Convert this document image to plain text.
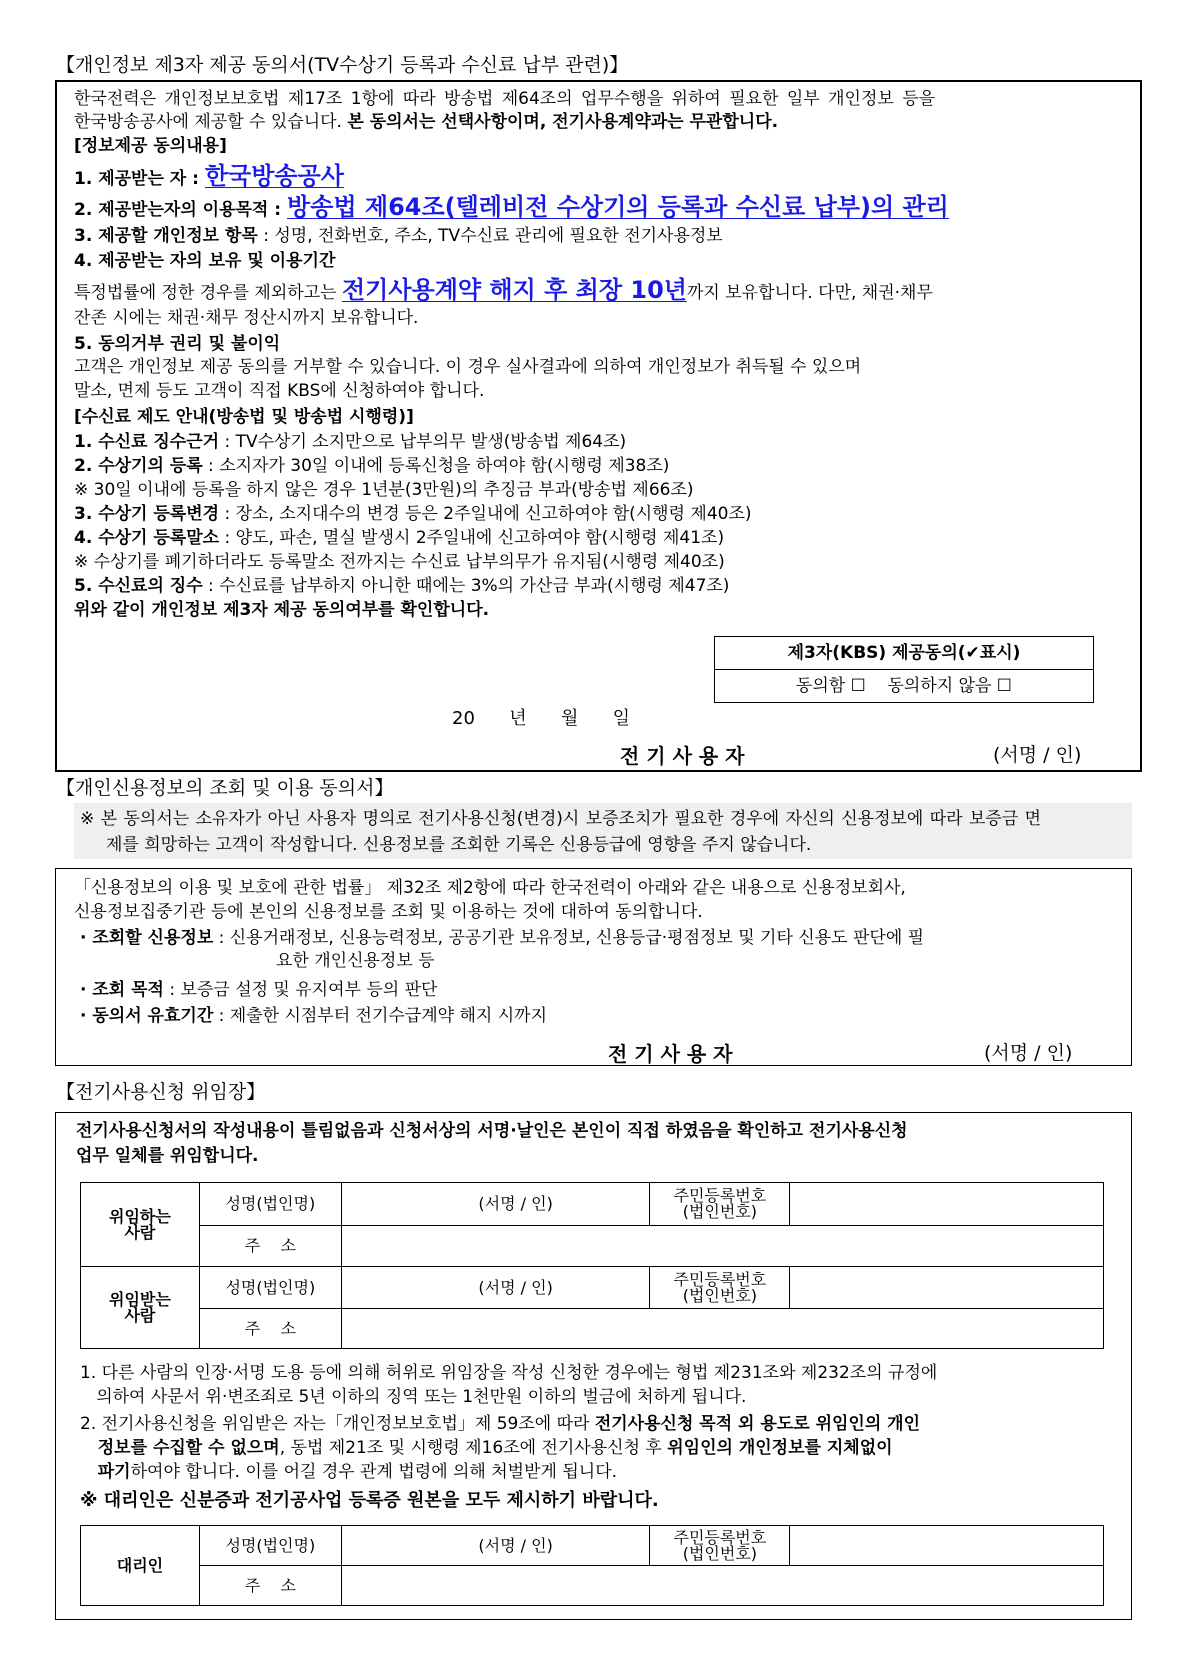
【개인정보 제3자 제공 동의서(TV수상기 등록과 수신료 납부 관련)】
한국전력은 개인정보보호법 제17조 1항에 따라 방송법 제64조의 업무수행을 위하여 필요한 일부 개인정보 등을
한국방송공사에 제공할 수 있습니다. 본 동의서는 선택사항이며, 전기사용계약과는 무관합니다.
[정보제공 동의내용]
1. 제공받는 자 : 한국방송공사
2. 제공받는자의 이용목적 : 방송법 제64조(텔레비전 수상기의 등록과 수신료 납부)의 관리
3. 제공할 개인정보 항목 : 성명, 전화번호, 주소, TV수신료 관리에 필요한 전기사용정보
4. 제공받는 자의 보유 및 이용기간
특정법률에 정한 경우를 제외하고는 전기사용계약 해지 후 최장 10년까지 보유합니다. 다만, 채권·채무
잔존 시에는 채권·채무 정산시까지 보유합니다.
5. 동의거부 권리 및 불이익
고객은 개인정보 제공 동의를 거부할 수 있습니다. 이 경우 실사결과에 의하여 개인정보가 취득될 수 있으며
말소, 면제 등도 고객이 직접 KBS에 신청하여야 합니다.
[수신료 제도 안내(방송법 및 방송법 시행령)]
1. 수신료 징수근거 : TV수상기 소지만으로 납부의무 발생(방송법 제64조)
2. 수상기의 등록 : 소지자가 30일 이내에 등록신청을 하여야 함(시행령 제38조)
※ 30일 이내에 등록을 하지 않은 경우 1년분(3만원)의 추징금 부과(방송법 제66조)
3. 수상기 등록변경 : 장소, 소지대수의 변경 등은 2주일내에 신고하여야 함(시행령 제40조)
4. 수상기 등록말소 : 양도, 파손, 멸실 발생시 2주일내에 신고하여야 함(시행령 제41조)
※ 수상기를 폐기하더라도 등록말소 전까지는 수신료 납부의무가 유지됨(시행령 제40조)
5. 수신료의 징수 : 수신료를 납부하지 아니한 때에는 3%의 가산금 부과(시행령 제47조)
위와 같이 개인정보 제3자 제공 동의여부를 확인합니다.
제3자(KBS) 제공동의(✔표시)
동의함 ☐ 동의하지 않음 ☐
20      년      월      일
전 기 사 용 자	(서명 / 인)
【개인신용정보의 조회 및 이용 동의서】
※ 본 동의서는 소유자가 아닌 사용자 명의로 전기사용신청(변경)시 보증조치가 필요한 경우에 자신의 신용정보에 따라 보증금 면
제를 희망하는 고객이 작성합니다. 신용정보를 조회한 기록은 신용등급에 영향을 주지 않습니다.
「신용정보의 이용 및 보호에 관한 법률」 제32조 제2항에 따라 한국전력이 아래와 같은 내용으로 신용정보회사,
신용정보집중기관 등에 본인의 신용정보를 조회 및 이용하는 것에 대하여 동의합니다.
· 조회할 신용정보 : 신용거래정보, 신용능력정보, 공공기관 보유정보, 신용등급·평점정보 및 기타 신용도 판단에 필
요한 개인신용정보 등
· 조회 목적 : 보증금 설정 및 유지여부 등의 판단
· 동의서 유효기간 : 제출한 시점부터 전기수급계약 해지 시까지
전 기 사 용 자	(서명 / 인)
【전기사용신청 위임장】
전기사용신청서의 작성내용이 틀림없음과 신청서상의 서명·날인은 본인이 직접 하였음을 확인하고 전기사용신청
업무 일체를 위임합니다.
위임하는
사람	성명(법인명)	(서명 / 인)	주민등록번호
(법인번호)	
	주    소			
위임받는
사람	성명(법인명)	(서명 / 인)	주민등록번호
(법인번호)	
	주    소			
1. 다른 사람의 인장·서명 도용 등에 의해 허위로 위임장을 작성 신청한 경우에는 형법 제231조와 제232조의 규정에
의하여 사문서 위·변조죄로 5년 이하의 징역 또는 1천만원 이하의 벌금에 처하게 됩니다.
2. 전기사용신청을 위임받은 자는「개인정보보호법」제 59조에 따라 전기사용신청 목적 외 용도로 위임인의 개인
정보를 수집할 수 없으며, 동법 제21조 및 시행령 제16조에 전기사용신청 후 위임인의 개인정보를 지체없이
파기하여야 합니다. 이를 어길 경우 관계 법령에 의해 처벌받게 됩니다.
※ 대리인은 신분증과 전기공사업 등록증 원본을 모두 제시하기 바랍니다.
대리인	성명(법인명)	(서명 / 인)	주민등록번호
(법인번호)	
	주    소			
